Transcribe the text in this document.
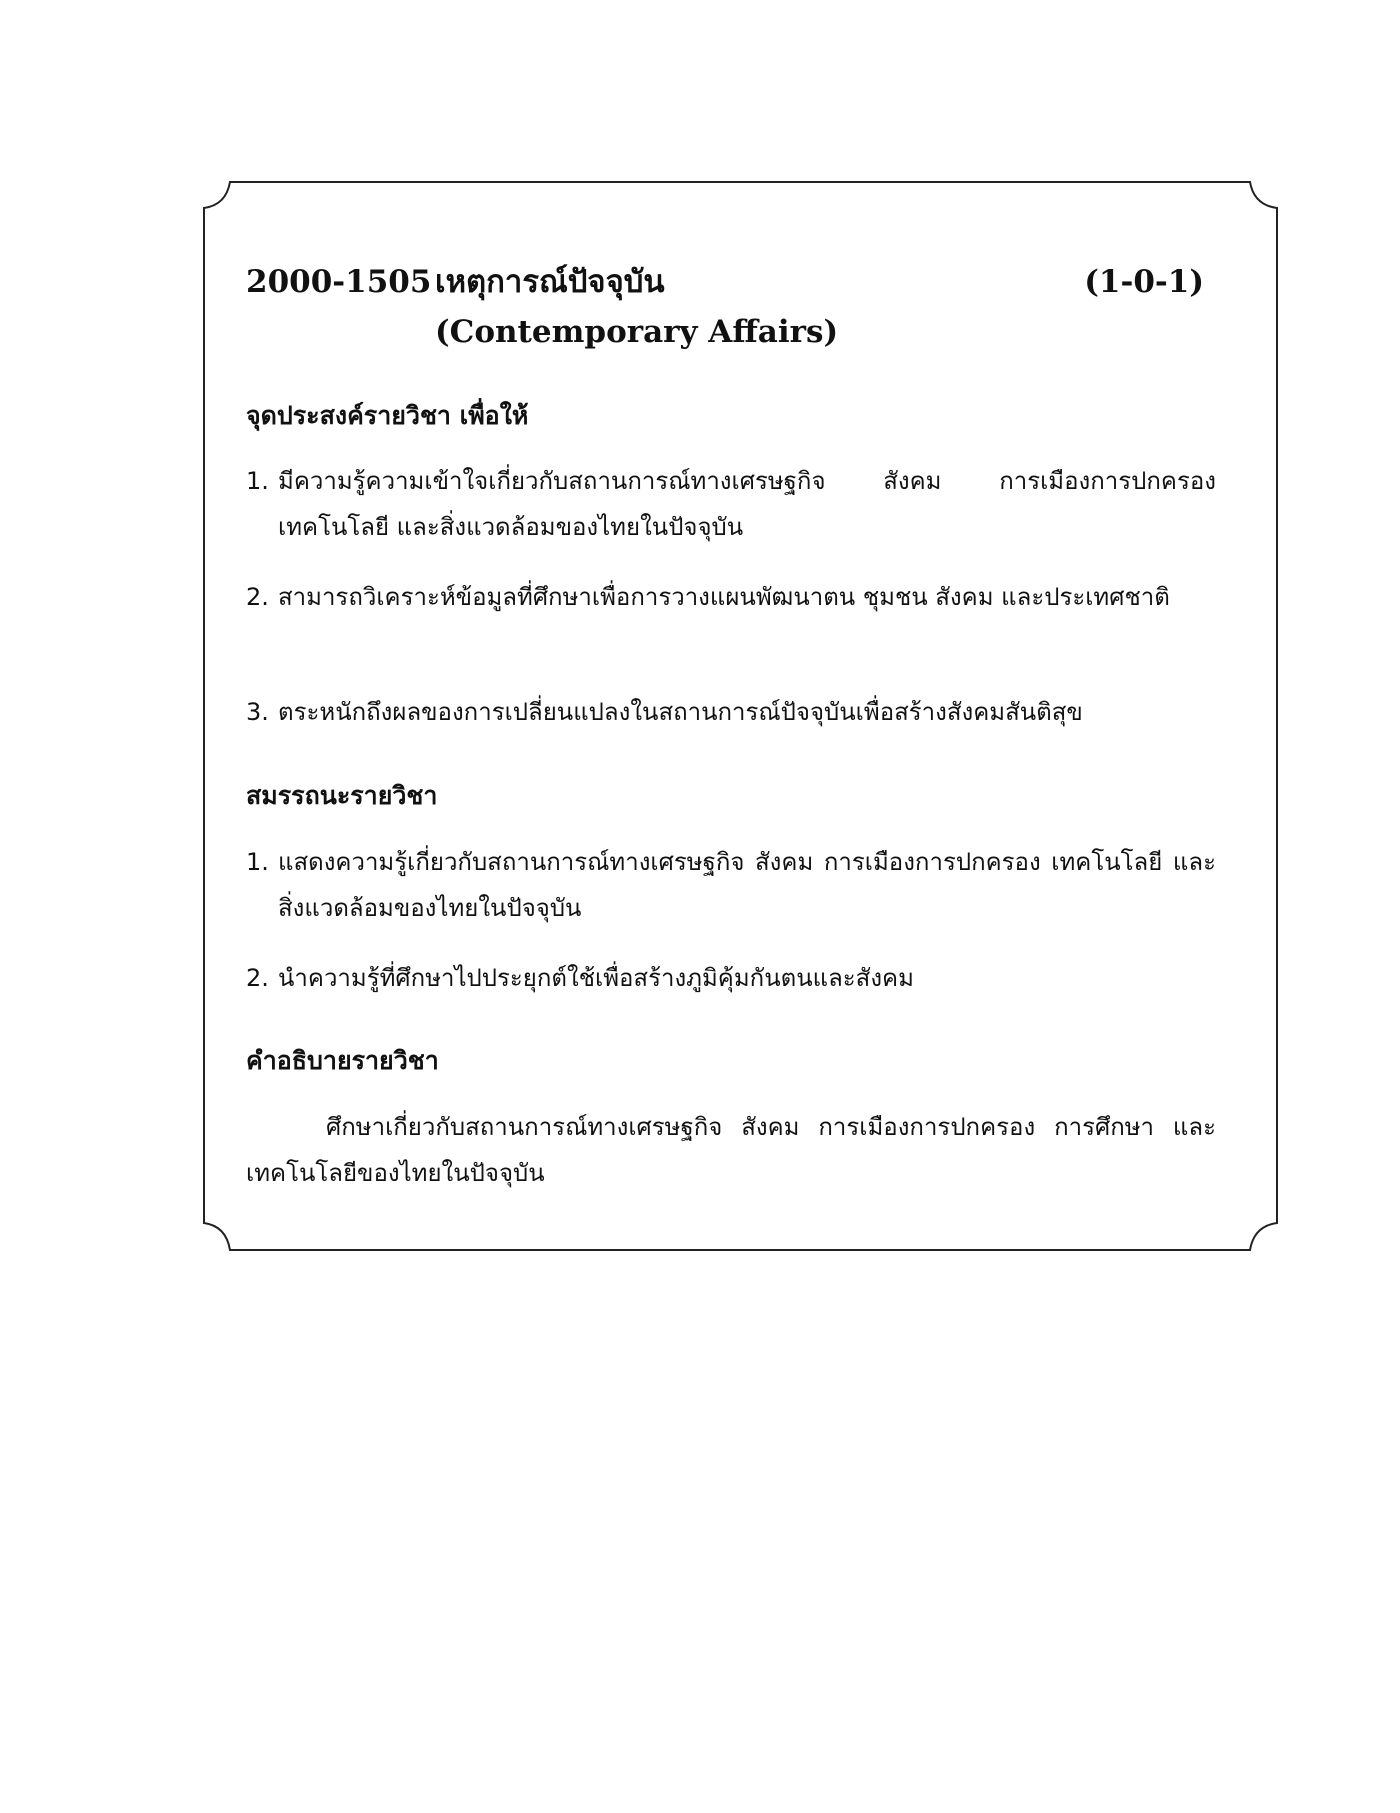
2000-1505 เหตุการณ์ปัจจุบัน
(Contemporary Affairs)
(1-0-1)
จุดประสงค์รายวิชา เพื่อให้
1. มีความรู้ความเข้าใจเกี่ยวกับสถานการณ์ทางเศรษฐกิจ สังคม การเมืองการปกครอง เทคโนโลยี และสิ่งแวดล้อมของไทยในปัจจุบัน
2. สามารถวิเคราะห์ข้อมูลที่ศึกษาเพื่อการวางแผนพัฒนาตน ชุมชน สังคม และประเทศชาติ
3. ตระหนักถึงผลของการเปลี่ยนแปลงในสถานการณ์ปัจจุบันเพื่อสร้างสังคมสันติสุข
สมรรถนะรายวิชา
1. แสดงความรู้เกี่ยวกับสถานการณ์ทางเศรษฐกิจ สังคม การเมืองการปกครอง เทคโนโลยี และสิ่งแวดล้อมของไทยในปัจจุบัน
2. นำความรู้ที่ศึกษาไปประยุกต์ใช้เพื่อสร้างภูมิคุ้มกันตนและสังคม
คำอธิบายรายวิชา
ศึกษาเกี่ยวกับสถานการณ์ทางเศรษฐกิจ สังคม การเมืองการปกครอง การศึกษา และเทคโนโลยีของไทยในปัจจุบัน
